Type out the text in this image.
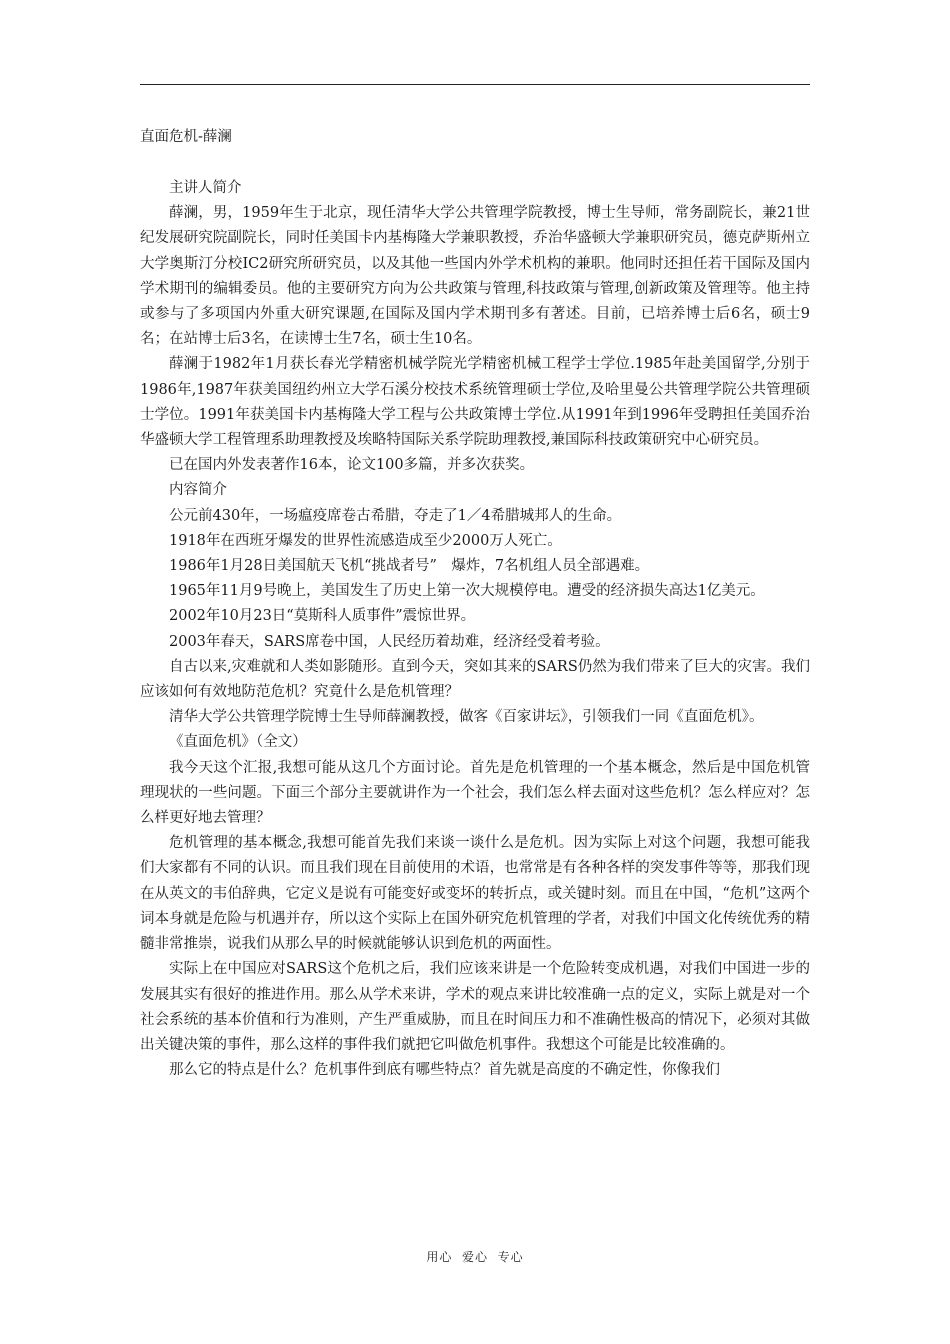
直面危机-薛澜

主讲人简介

薛澜，男，1959年生于北京，现任清华大学公共管理学院教授，博士生导师，常务副院长，兼21世纪发展研究院副院长，同时任美国卡内基梅隆大学兼职教授，乔治华盛顿大学兼职研究员，德克萨斯州立大学奥斯汀分校IC2研究所研究员，以及其他一些国内外学术机构的兼职。他同时还担任若干国际及国内学术期刊的编辑委员。他的主要研究方向为公共政策与管理,科技政策与管理,创新政策及管理等。他主持或参与了多项国内外重大研究课题,在国际及国内学术期刊多有著述。目前，已培养博士后6名，硕士9名；在站博士后3名，在读博士生7名，硕士生10名。

薛澜于1982年1月获长春光学精密机械学院光学精密机械工程学士学位.1985年赴美国留学,分别于1986年,1987年获美国纽约州立大学石溪分校技术系统管理硕士学位,及哈里曼公共管理学院公共管理硕士学位。1991年获美国卡内基梅隆大学工程与公共政策博士学位.从1991年到1996年受聘担任美国乔治华盛顿大学工程管理系助理教授及埃略特国际关系学院助理教授,兼国际科技政策研究中心研究员。

已在国内外发表著作16本，论文100多篇，并多次获奖。

内容简介

公元前430年，一场瘟疫席卷古希腊，夺走了1／4希腊城邦人的生命。

1918年在西班牙爆发的世界性流感造成至少2000万人死亡。

1986年1月28日美国航天飞机“挑战者号”　爆炸，7名机组人员全部遇难。

1965年11月9号晚上，美国发生了历史上第一次大规模停电。遭受的经济损失高达1亿美元。

2002年10月23日“莫斯科人质事件”震惊世界。

2003年春天，SARS席卷中国，人民经历着劫难，经济经受着考验。

自古以来,灾难就和人类如影随形。直到今天，突如其来的SARS仍然为我们带来了巨大的灾害。我们应该如何有效地防范危机？究竟什么是危机管理？

清华大学公共管理学院博士生导师薛澜教授，做客《百家讲坛》，引领我们一同《直面危机》。

《直面危机》（全文）

我今天这个汇报,我想可能从这几个方面讨论。首先是危机管理的一个基本概念，然后是中国危机管理现状的一些问题。下面三个部分主要就讲作为一个社会，我们怎么样去面对这些危机？怎么样应对？怎么样更好地去管理？

危机管理的基本概念,我想可能首先我们来谈一谈什么是危机。因为实际上对这个问题，我想可能我们大家都有不同的认识。而且我们现在目前使用的术语，也常常是有各种各样的突发事件等等，那我们现在从英文的韦伯辞典，它定义是说有可能变好或变坏的转折点，或关键时刻。而且在中国，“危机”这两个词本身就是危险与机遇并存，所以这个实际上在国外研究危机管理的学者，对我们中国文化传统优秀的精髓非常推崇，说我们从那么早的时候就能够认识到危机的两面性。

实际上在中国应对SARS这个危机之后，我们应该来讲是一个危险转变成机遇，对我们中国进一步的发展其实有很好的推进作用。那么从学术来讲，学术的观点来讲比较准确一点的定义，实际上就是对一个社会系统的基本价值和行为准则，产生严重威胁，而且在时间压力和不准确性极高的情况下，必须对其做出关键决策的事件，那么这样的事件我们就把它叫做危机事件。我想这个可能是比较准确的。

那么它的特点是什么？危机事件到底有哪些特点？首先就是高度的不确定性，你像我们

用心  爱心  专心
